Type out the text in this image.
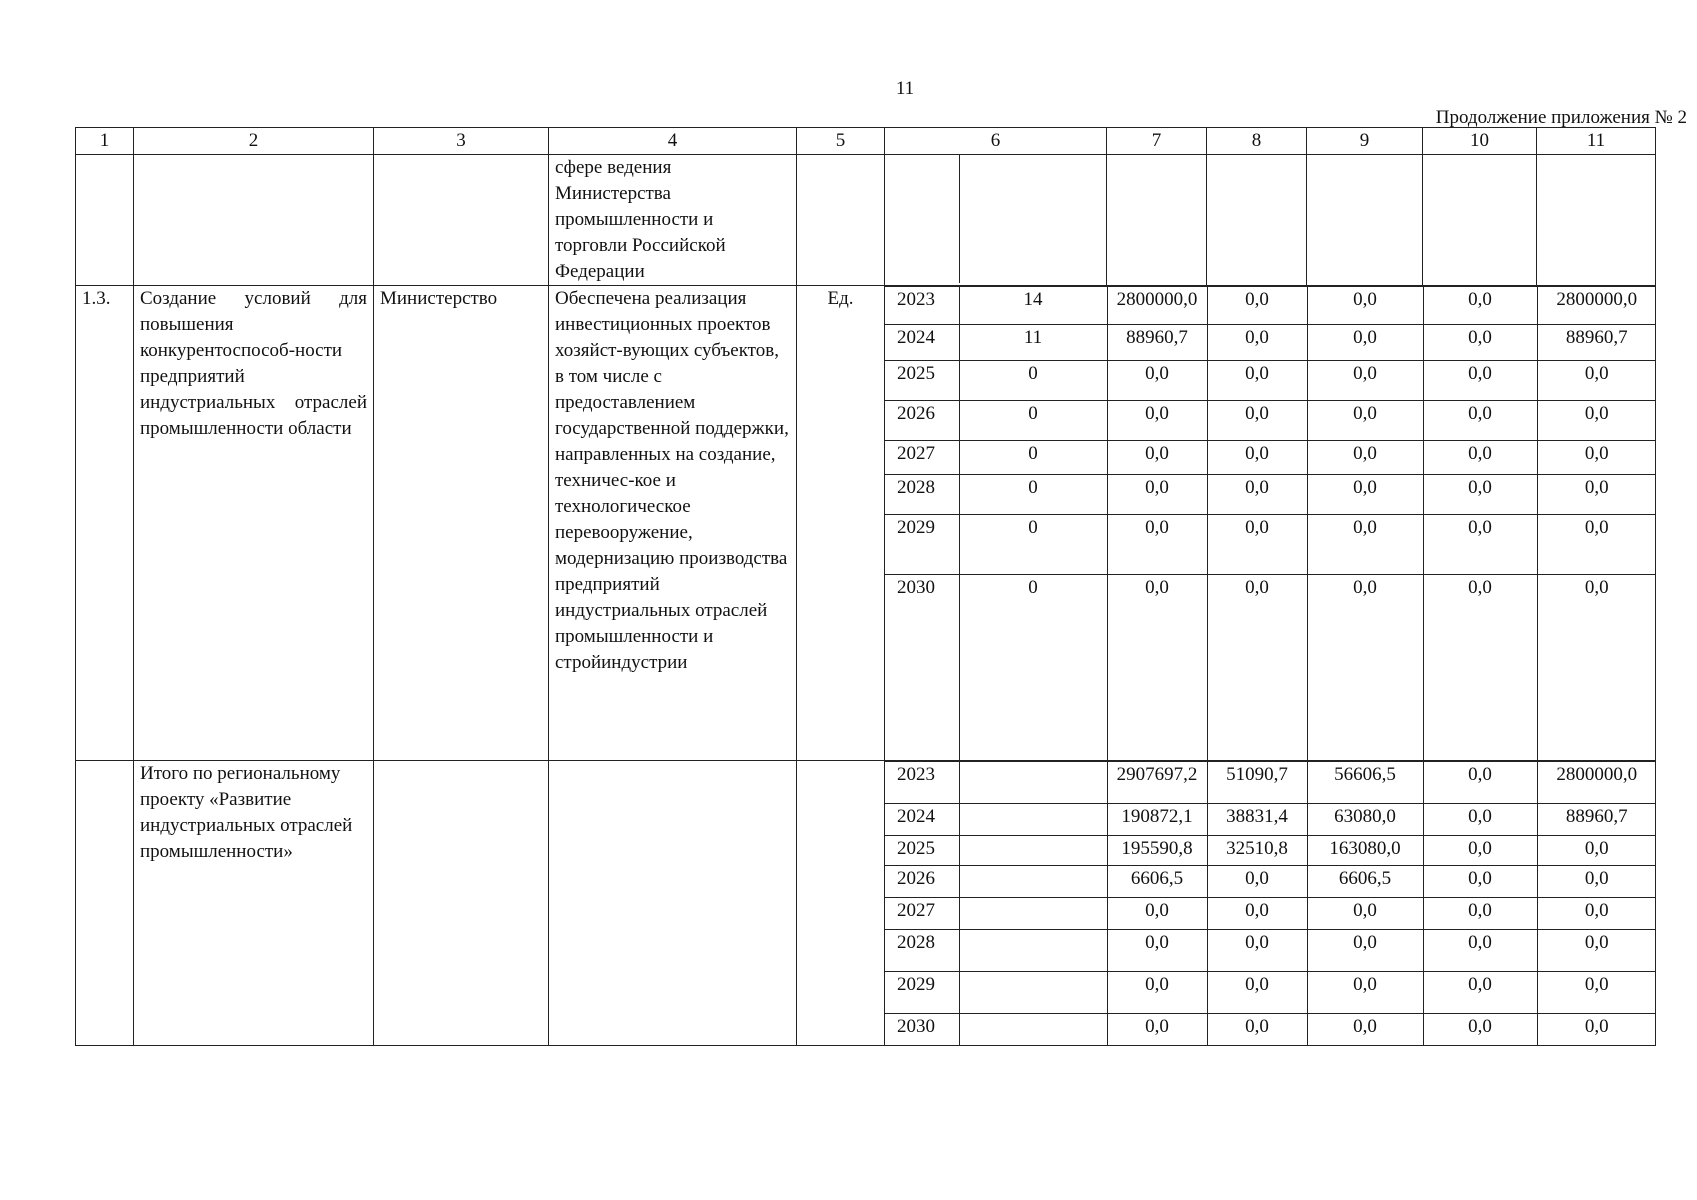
11
Продолжение приложения № 2
1	2	3	4	5	6	7	8	9	10	11
			сфере ведения Министерства промышленности и торговли Российской Федерации		

1.3.	Создание условий для повышения конкурентоспособ-ности предприятий индустриальных отраслей промышленности области	Министерство	Обеспечена реализация инвестиционных проектов хозяйст-вующих субъектов, в том числе с предоставлением государственной поддержки, направленных на создание, техничес-кое и технологическое перевооружение, модернизацию производства предприятий индустриальных отраслей промышленности и стройиндустрии	Ед.	2023	14	2800000,0	0,0	0,0	0,0	2800000,0
2024	11	88960,7	0,0	0,0	0,0	88960,7
2025	0	0,0	0,0	0,0	0,0	0,0
2026	0	0,0	0,0	0,0	0,0	0,0
2027	0	0,0	0,0	0,0	0,0	0,0
2028	0	0,0	0,0	0,0	0,0	0,0
2029	0	0,0	0,0	0,0	0,0	0,0
2030	0	0,0	0,0	0,0	0,0	0,0

	Итого по региональному проекту «Развитие индустриальных отраслей промышленности»				
2023		2907697,2	51090,7	56606,5	0,0	2800000,0
2024		190872,1	38831,4	63080,0	0,0	88960,7
2025		195590,8	32510,8	163080,0	0,0	0,0
2026		6606,5	0,0	6606,5	0,0	0,0
2027		0,0	0,0	0,0	0,0	0,0
2028		0,0	0,0	0,0	0,0	0,0
2029		0,0	0,0	0,0	0,0	0,0
2030		0,0	0,0	0,0	0,0	0,0
